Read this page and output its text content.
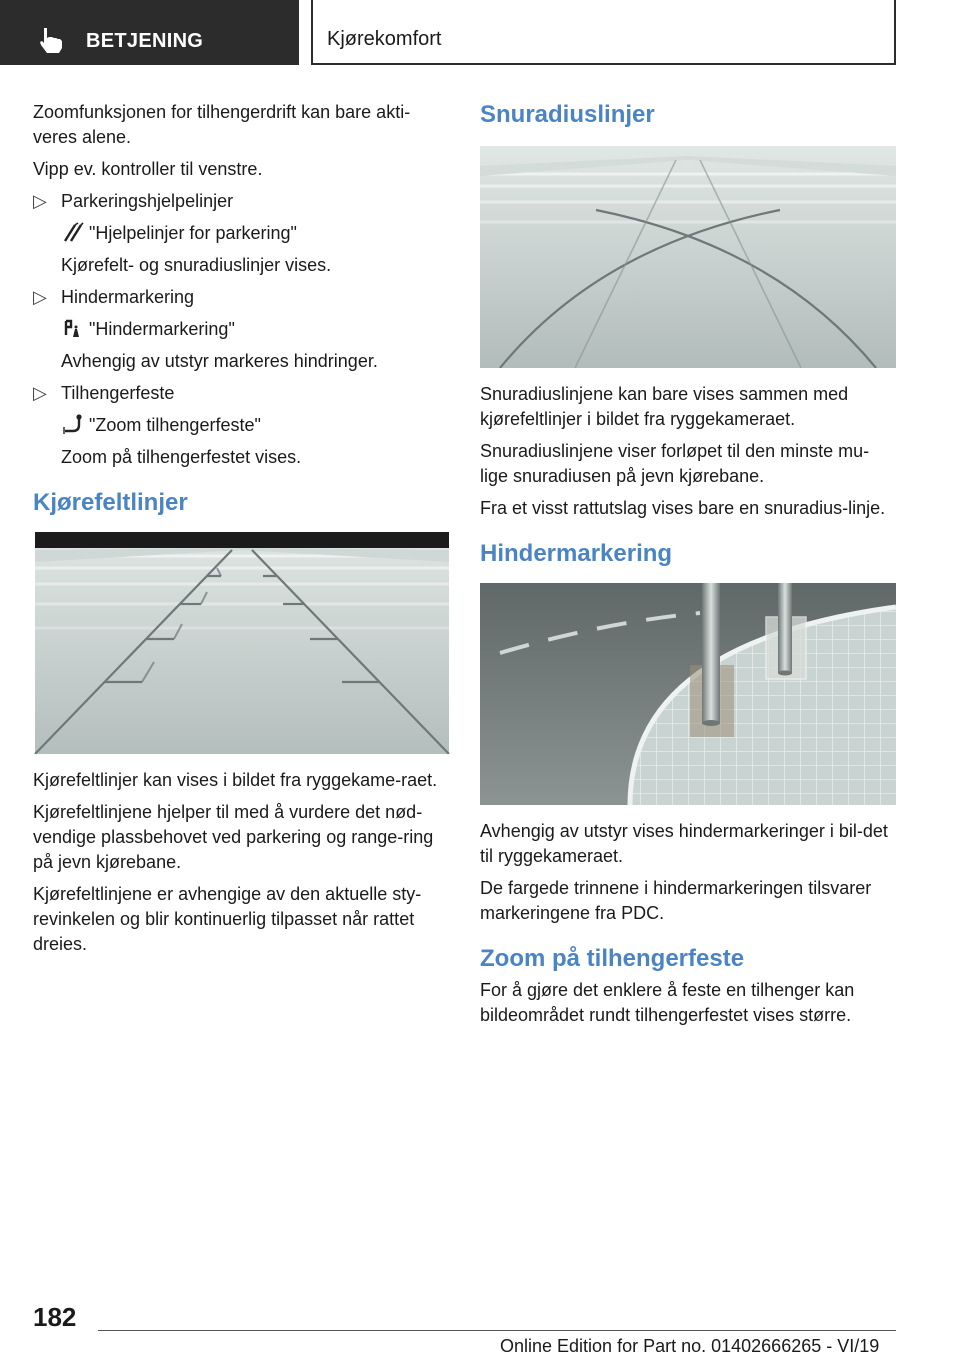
BETJENING	Kjørekomfort

Zoomfunksjonen for tilhengerdrift kan bare akti-veres alene.

Vipp ev. kontroller til venstre.

▷ Parkeringshjelpelinjer
"Hjelpelinjer for parkering"
Kjørefelt- og snuradiuslinjer vises.
▷ Hindermarkering
"Hindermarkering"
Avhengig av utstyr markeres hindringer.
▷ Tilhengerfeste
"Zoom tilhengerfeste"
Zoom på tilhengerfestet vises.
Kjørefeltlinjer

Kjørefeltlinjer kan vises i bildet fra ryggekame-raet.

Kjørefeltlinjene hjelper til med å vurdere det nød-vendige plassbehovet ved parkering og range-ring på jevn kjørebane.

Kjørefeltlinjene er avhengige av den aktuelle sty-revinkelen og blir kontinuerlig tilpasset når rattet dreies.

Snuradiuslinjer

Snuradiuslinjene kan bare vises sammen med kjørefeltlinjer i bildet fra ryggekameraet.

Snuradiuslinjene viser forløpet til den minste mu-lige snuradiusen på jevn kjørebane.

Fra et visst rattutslag vises bare en snuradius-linje.

Hindermarkering

Avhengig av utstyr vises hindermarkeringer i bil-det til ryggekameraet.

De fargede trinnene i hindermarkeringen tilsvarer markeringene fra PDC.

Zoom på tilhengerfeste

For å gjøre det enklere å feste en tilhenger kan bildeområdet rundt tilhengerfestet vises større.

182
Online Edition for Part no. 01402666265 - VI/19
